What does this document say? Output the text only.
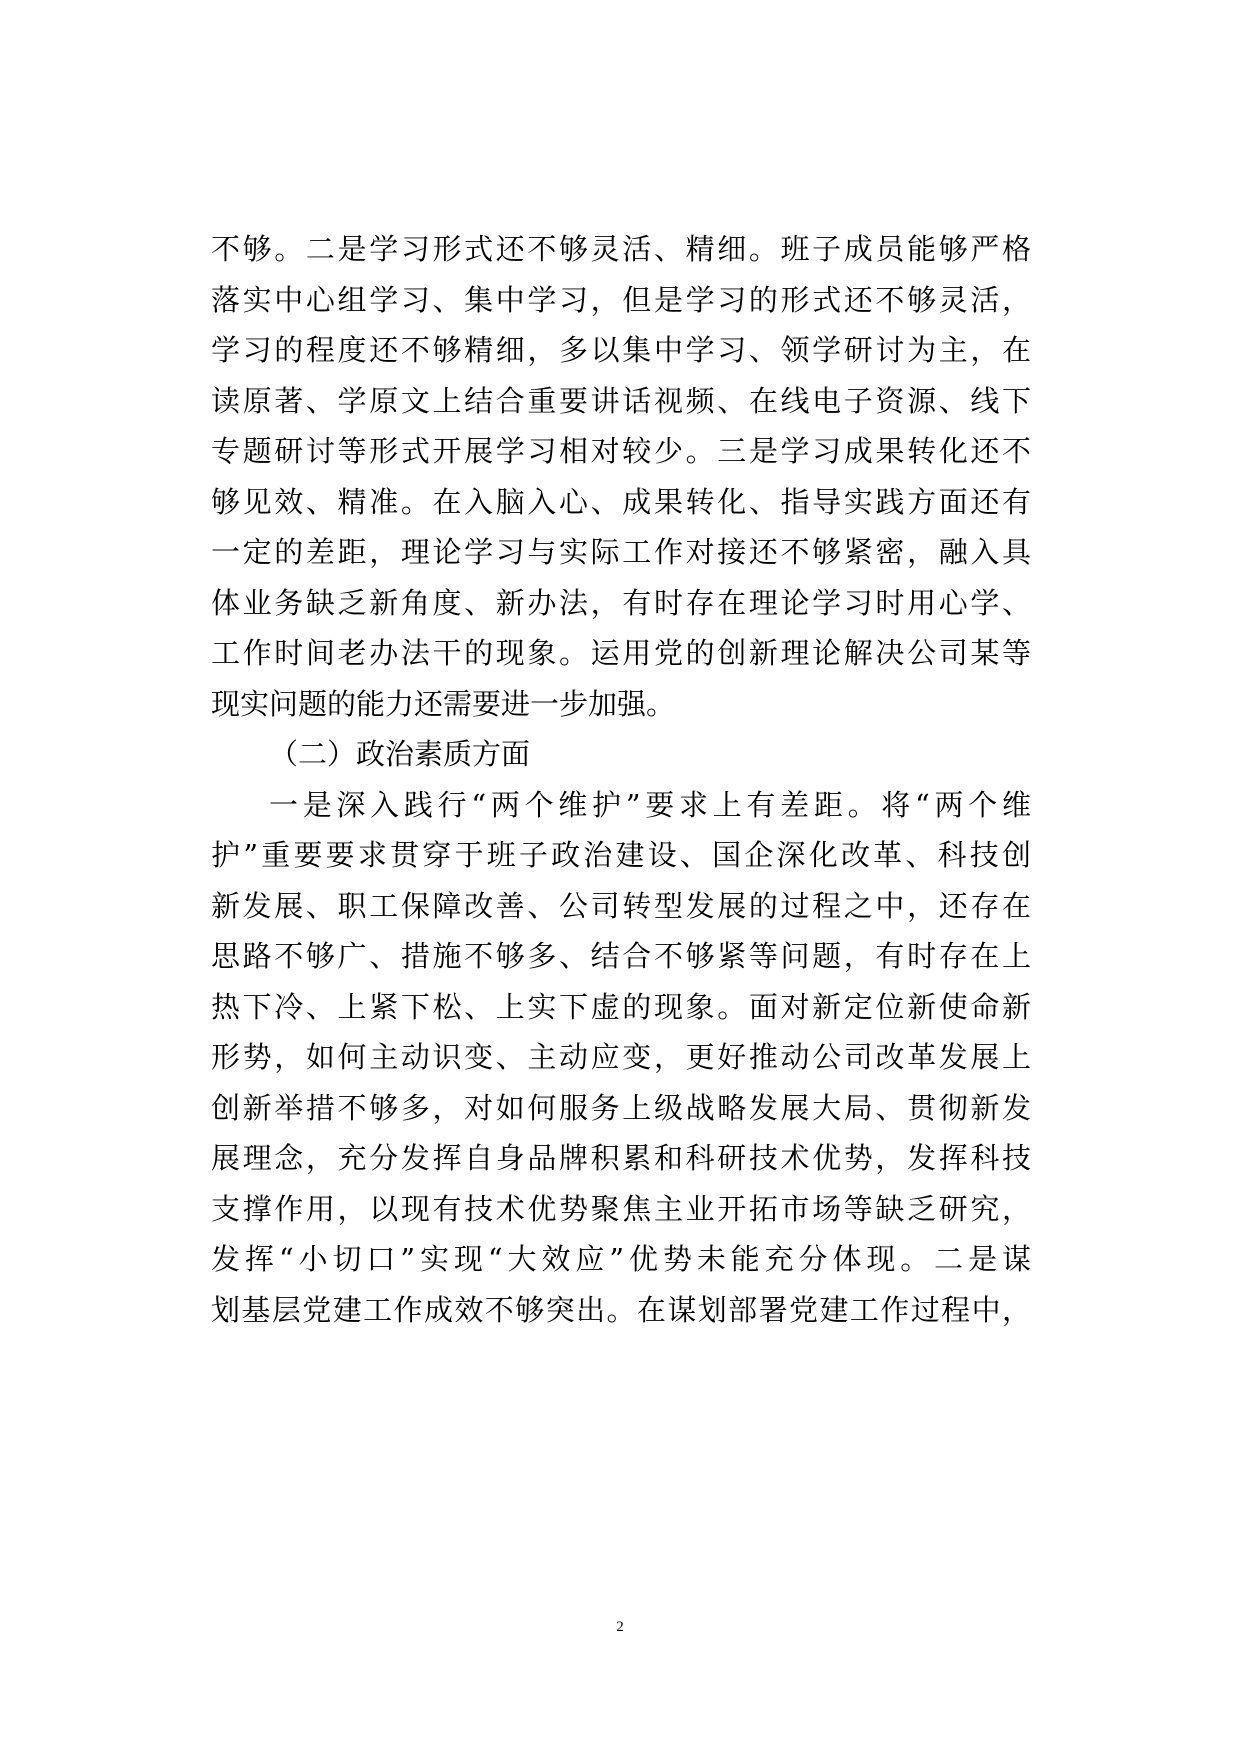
不够。二是学习形式还不够灵活、精细。班子成员能够严格
落实中心组学习、集中学习，但是学习的形式还不够灵活，
学习的程度还不够精细，多以集中学习、领学研讨为主，在
读原著、学原文上结合重要讲话视频、在线电子资源、线下
专题研讨等形式开展学习相对较少。三是学习成果转化还不
够见效、精准。在入脑入心、成果转化、指导实践方面还有
一定的差距，理论学习与实际工作对接还不够紧密，融入具
体业务缺乏新角度、新办法，有时存在理论学习时用心学、
工作时间老办法干的现象。运用党的创新理论解决公司某等
现实问题的能力还需要进一步加强。
（二）政治素质方面
一是深入践行“两个维护”要求上有差距。将“两个维
护”重要要求贯穿于班子政治建设、国企深化改革、科技创
新发展、职工保障改善、公司转型发展的过程之中，还存在
思路不够广、措施不够多、结合不够紧等问题，有时存在上
热下冷、上紧下松、上实下虚的现象。面对新定位新使命新
形势，如何主动识变、主动应变，更好推动公司改革发展上
创新举措不够多，对如何服务上级战略发展大局、贯彻新发
展理念，充分发挥自身品牌积累和科研技术优势，发挥科技
支撑作用，以现有技术优势聚焦主业开拓市场等缺乏研究，
发挥“小切口”实现“大效应”优势未能充分体现。二是谋
划基层党建工作成效不够突出。在谋划部署党建工作过程中，
2
